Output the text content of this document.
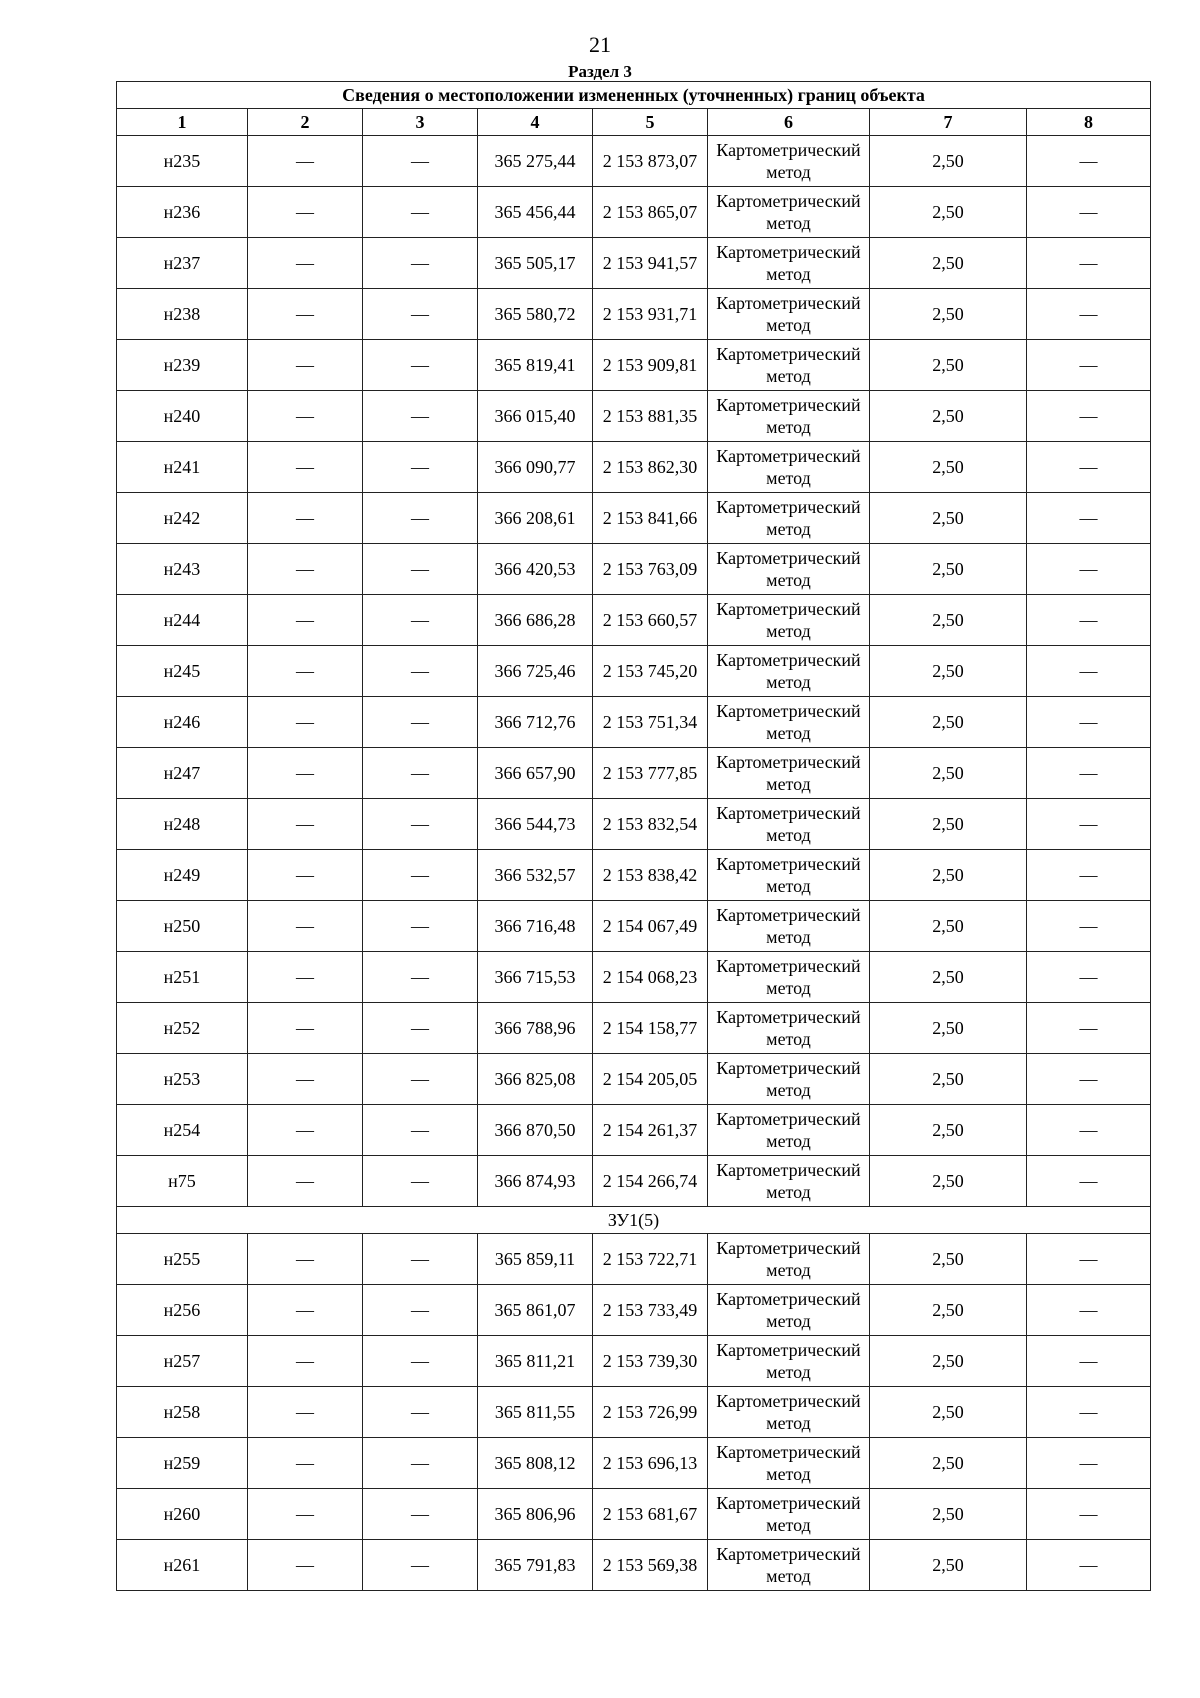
21
Раздел 3
Сведения о местоположении измененных (уточненных) границ объекта							
1	2	3	4	5	6	7	8
н235	—	—	365 275,44	2 153 873,07	Картометрический метод	2,50	—
н236	—	—	365 456,44	2 153 865,07	Картометрический метод	2,50	—
н237	—	—	365 505,17	2 153 941,57	Картометрический метод	2,50	—
н238	—	—	365 580,72	2 153 931,71	Картометрический метод	2,50	—
н239	—	—	365 819,41	2 153 909,81	Картометрический метод	2,50	—
н240	—	—	366 015,40	2 153 881,35	Картометрический метод	2,50	—
н241	—	—	366 090,77	2 153 862,30	Картометрический метод	2,50	—
н242	—	—	366 208,61	2 153 841,66	Картометрический метод	2,50	—
н243	—	—	366 420,53	2 153 763,09	Картометрический метод	2,50	—
н244	—	—	366 686,28	2 153 660,57	Картометрический метод	2,50	—
н245	—	—	366 725,46	2 153 745,20	Картометрический метод	2,50	—
н246	—	—	366 712,76	2 153 751,34	Картометрический метод	2,50	—
н247	—	—	366 657,90	2 153 777,85	Картометрический метод	2,50	—
н248	—	—	366 544,73	2 153 832,54	Картометрический метод	2,50	—
н249	—	—	366 532,57	2 153 838,42	Картометрический метод	2,50	—
н250	—	—	366 716,48	2 154 067,49	Картометрический метод	2,50	—
н251	—	—	366 715,53	2 154 068,23	Картометрический метод	2,50	—
н252	—	—	366 788,96	2 154 158,77	Картометрический метод	2,50	—
н253	—	—	366 825,08	2 154 205,05	Картометрический метод	2,50	—
н254	—	—	366 870,50	2 154 261,37	Картометрический метод	2,50	—
н75	—	—	366 874,93	2 154 266,74	Картометрический метод	2,50	—
ЗУ1(5)							
н255	—	—	365 859,11	2 153 722,71	Картометрический метод	2,50	—
н256	—	—	365 861,07	2 153 733,49	Картометрический метод	2,50	—
н257	—	—	365 811,21	2 153 739,30	Картометрический метод	2,50	—
н258	—	—	365 811,55	2 153 726,99	Картометрический метод	2,50	—
н259	—	—	365 808,12	2 153 696,13	Картометрический метод	2,50	—
н260	—	—	365 806,96	2 153 681,67	Картометрический метод	2,50	—
н261	—	—	365 791,83	2 153 569,38	Картометрический метод	2,50	—
